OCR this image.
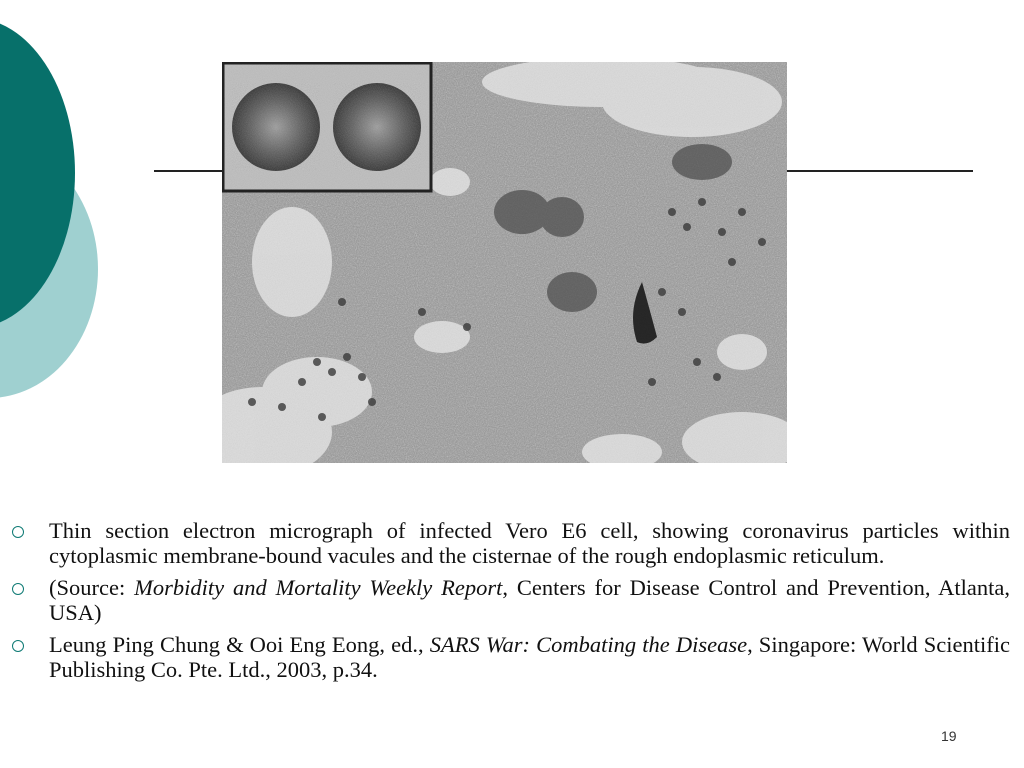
Thin section electron micrograph of infected Vero E6 cell, showing coronavirus particles within cytoplasmic membrane-bound vacules and the cisternae of the rough endoplasmic reticulum.
(Source: Morbidity and Mortality Weekly Report, Centers for Disease Control and Prevention, Atlanta, USA)
Leung Ping Chung & Ooi Eng Eong, ed., SARS War: Combating the Disease, Singapore: World Scientific Publishing Co. Pte. Ltd., 2003, p.34.
19
